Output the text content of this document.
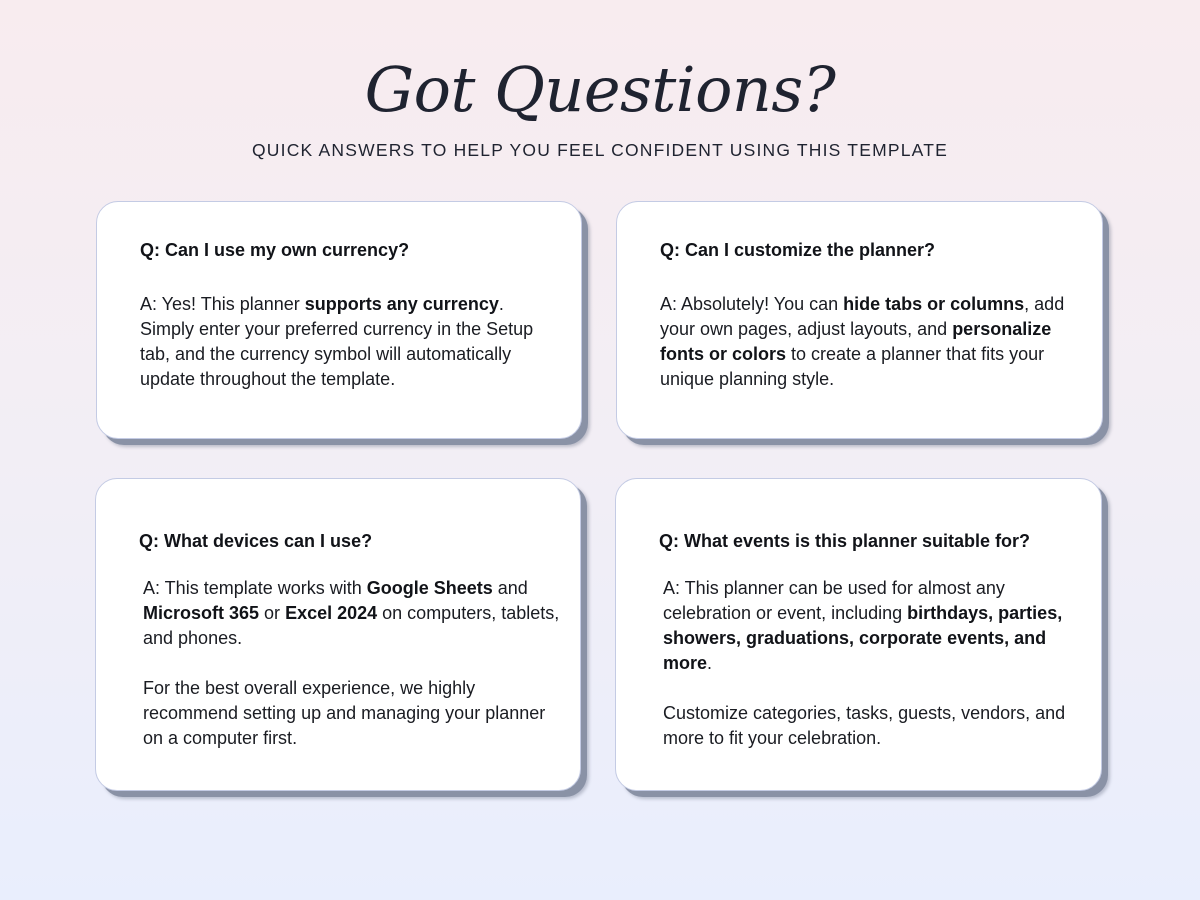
Got Questions?
QUICK ANSWERS TO HELP YOU FEEL CONFIDENT USING THIS TEMPLATE
Q: Can I use my own currency?

A: Yes! This planner supports any currency.
Simply enter your preferred currency in the Setup tab, and the currency symbol will automatically update throughout the template.

Q: Can I customize the planner?

A: Absolutely! You can hide tabs or columns, add your own pages, adjust layouts, and personalize fonts or colors to create a planner that fits your unique planning style.

Q: What devices can I use?

A: This template works with Google Sheets and Microsoft 365 or Excel 2024 on computers, tablets, and phones.

For the best overall experience, we highly recommend setting up and managing your planner on a computer first.

Q: What events is this planner suitable for?

A: This planner can be used for almost any celebration or event, including birthdays, parties, showers, graduations, corporate events, and more.

Customize categories, tasks, guests, vendors, and more to fit your celebration.
